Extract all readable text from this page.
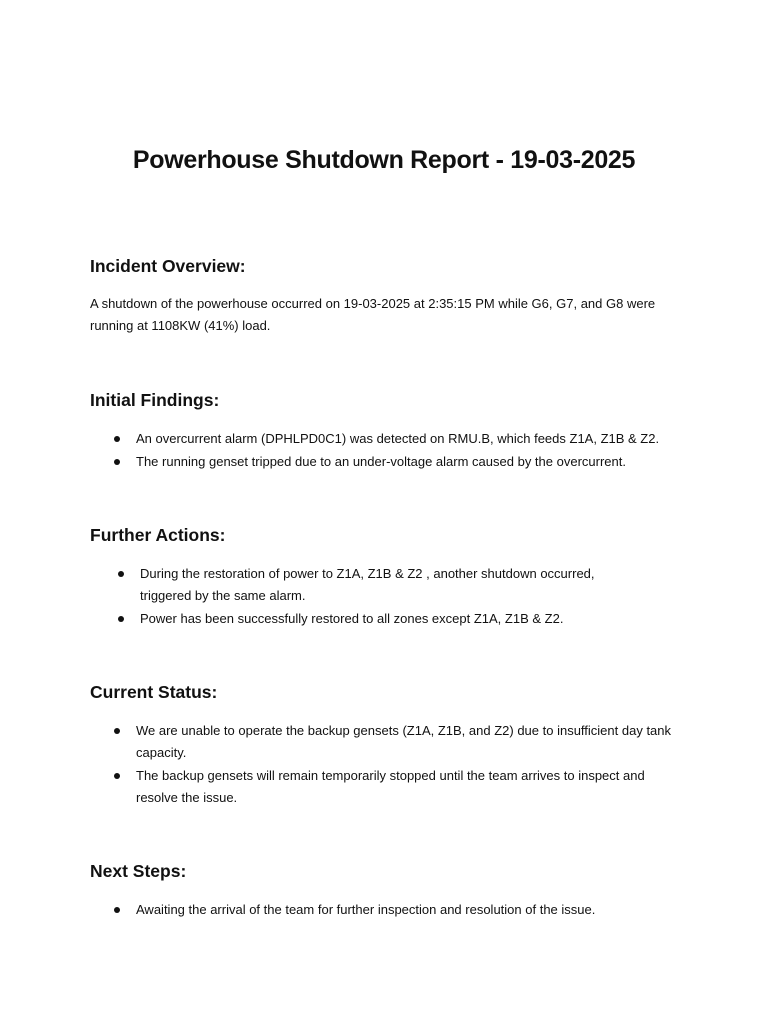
Powerhouse Shutdown Report - 19-03-2025
Incident Overview:

A shutdown of the powerhouse occurred on 19-03-2025 at 2:35:15 PM while G6, G7, and G8 were running at 1108KW (41%) load.

Initial Findings:
An overcurrent alarm (DPHLPD0C1) was detected on RMU.B, which feeds Z1A, Z1B & Z2.
The running genset tripped due to an under-voltage alarm caused by the overcurrent.
Further Actions:
During the restoration of power to Z1A, Z1B & Z2 , another shutdown occurred, triggered by the same alarm.
Power has been successfully restored to all zones except Z1A, Z1B & Z2.
Current Status:
We are unable to operate the backup gensets (Z1A, Z1B, and Z2) due to insufficient day tank capacity.
The backup gensets will remain temporarily stopped until the team arrives to inspect and resolve the issue.
Next Steps:
Awaiting the arrival of the team for further inspection and resolution of the issue.
